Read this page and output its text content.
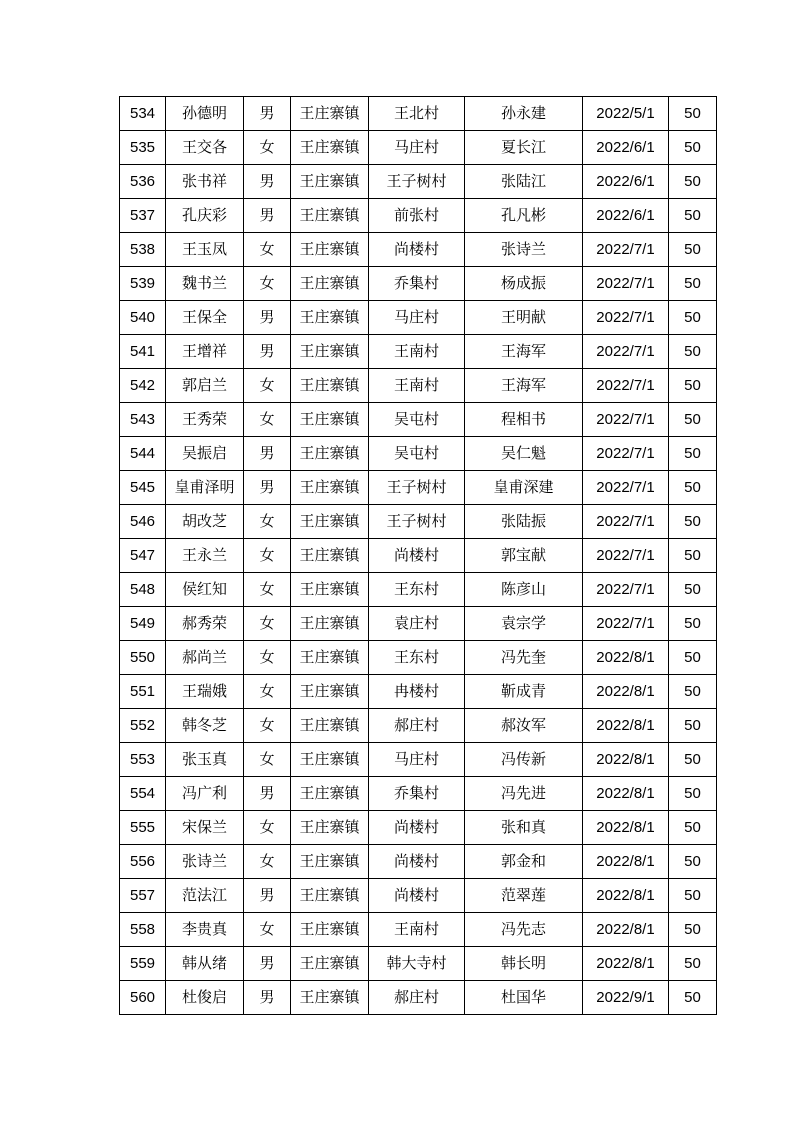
534	孙德明	男	王庄寨镇	王北村	孙永建	2022/5/1	50
535	王交各	女	王庄寨镇	马庄村	夏长江	2022/6/1	50
536	张书祥	男	王庄寨镇	王子树村	张陆江	2022/6/1	50
537	孔庆彩	男	王庄寨镇	前张村	孔凡彬	2022/6/1	50
538	王玉凤	女	王庄寨镇	尚楼村	张诗兰	2022/7/1	50
539	魏书兰	女	王庄寨镇	乔集村	杨成振	2022/7/1	50
540	王保全	男	王庄寨镇	马庄村	王明献	2022/7/1	50
541	王增祥	男	王庄寨镇	王南村	王海军	2022/7/1	50
542	郭启兰	女	王庄寨镇	王南村	王海军	2022/7/1	50
543	王秀荣	女	王庄寨镇	吴屯村	程相书	2022/7/1	50
544	吴振启	男	王庄寨镇	吴屯村	吴仁魁	2022/7/1	50
545	皇甫泽明	男	王庄寨镇	王子树村	皇甫深建	2022/7/1	50
546	胡改芝	女	王庄寨镇	王子树村	张陆振	2022/7/1	50
547	王永兰	女	王庄寨镇	尚楼村	郭宝献	2022/7/1	50
548	侯红知	女	王庄寨镇	王东村	陈彦山	2022/7/1	50
549	郝秀荣	女	王庄寨镇	袁庄村	袁宗学	2022/7/1	50
550	郝尚兰	女	王庄寨镇	王东村	冯先奎	2022/8/1	50
551	王瑞娥	女	王庄寨镇	冉楼村	靳成青	2022/8/1	50
552	韩冬芝	女	王庄寨镇	郝庄村	郝汝军	2022/8/1	50
553	张玉真	女	王庄寨镇	马庄村	冯传新	2022/8/1	50
554	冯广利	男	王庄寨镇	乔集村	冯先进	2022/8/1	50
555	宋保兰	女	王庄寨镇	尚楼村	张和真	2022/8/1	50
556	张诗兰	女	王庄寨镇	尚楼村	郭金和	2022/8/1	50
557	范法江	男	王庄寨镇	尚楼村	范翠莲	2022/8/1	50
558	李贵真	女	王庄寨镇	王南村	冯先志	2022/8/1	50
559	韩从绪	男	王庄寨镇	韩大寺村	韩长明	2022/8/1	50
560	杜俊启	男	王庄寨镇	郝庄村	杜国华	2022/9/1	50
